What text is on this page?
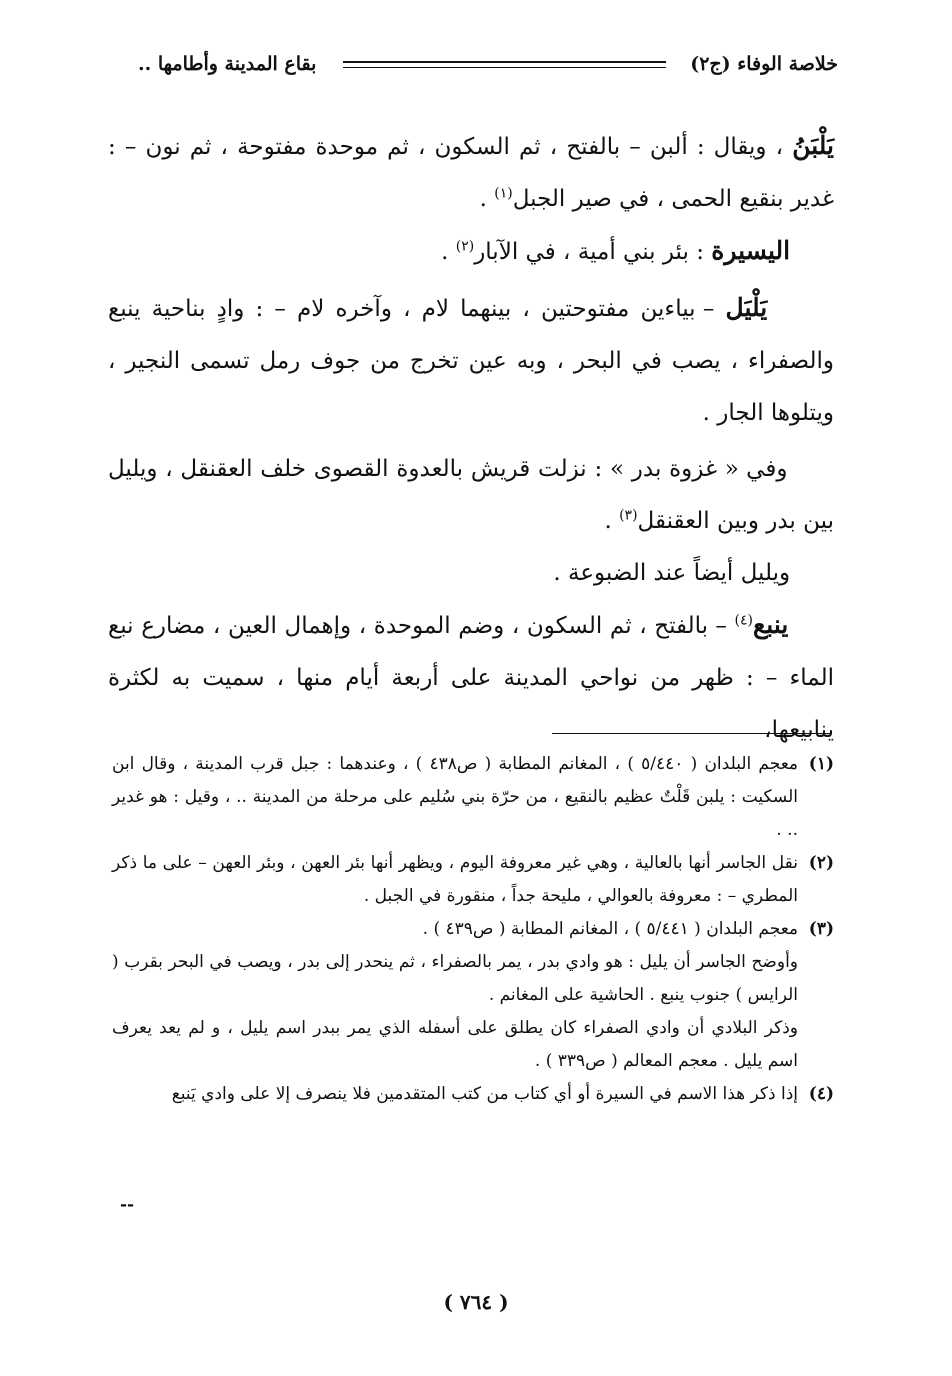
خلاصة الوفاء (ج٢)
بقاع المدينة وأطامها ..

يَلْبَنُ ، ويقال : ألبن – بالفتح ، ثم السكون ، ثم موحدة مفتوحة ، ثم نون – : غدير بنقيع الحمى ، في صير الجبل$^{(١)}$ .

اليسيرة : بئر بني أمية ، في الآبار$^{(٢)}$ .

يَلْيَل – بياءين مفتوحتين ، بينهما لام ، وآخره لام – : وادٍ بناحية ينبع والصفراء ، يصب في البحر ، وبه عين تخرج من جوف رمل تسمى النجير ، ويتلوها الجار .

وفي « غزوة بدر » : نزلت قريش بالعدوة القصوى خلف العقنقل ، ويليل بين بدر وبين العقنقل$^{(٣)}$ .

ويليل أيضاً عند الضبوعة .

ينبع$^{(٤)}$ – بالفتح ، ثم السكون ، وضم الموحدة ، وإهمال العين ، مضارع نبع الماء – : ظهر من نواحي المدينة على أربعة أيام منها ، سميت به لكثرة ينابيعها،

(١)
معجم البلدان ( ٥/٤٤٠ ) ، المغانم المطابة ( ص٤٣٨ ) ، وعندهما : جبل قرب المدينة ، وقال ابن السكيت : يلبن قَلْتٌ عظيم بالنقيع ، من حرّة بني سُليم على مرحلة من المدينة .. ، وقيل : هو غدير .. .
(٢)
نقل الجاسر أنها بالعالية ، وهي غير معروفة اليوم ، ويظهر أنها بئر العهن ، وبئر العهن – على ما ذكر المطري – : معروفة بالعوالي ، مليحة جداً ، منقورة في الجبل .
(٣)
معجم البلدان ( ٥/٤٤١ ) ، المغانم المطابة ( ص٤٣٩ ) .
وأوضح الجاسر أن يليل : هو وادي بدر ، يمر بالصفراء ، ثم ينحدر إلى بدر ، ويصب في البحر بقرب ( الرايس ) جنوب ينبع . الحاشية على المغانم .
وذكر البلادي أن وادي الصفراء كان يطلق على أسفله الذي يمر ببدر اسم يليل ، و لم يعد يعرف اسم يليل . معجم المعالم ( ص٣٣٩ ) .
(٤)
إذا ذكر هذا الاسم في السيرة أو أي كتاب من كتب المتقدمين فلا ينصرف إلا على وادي يَنبع
--
( ٧٦٤ )
